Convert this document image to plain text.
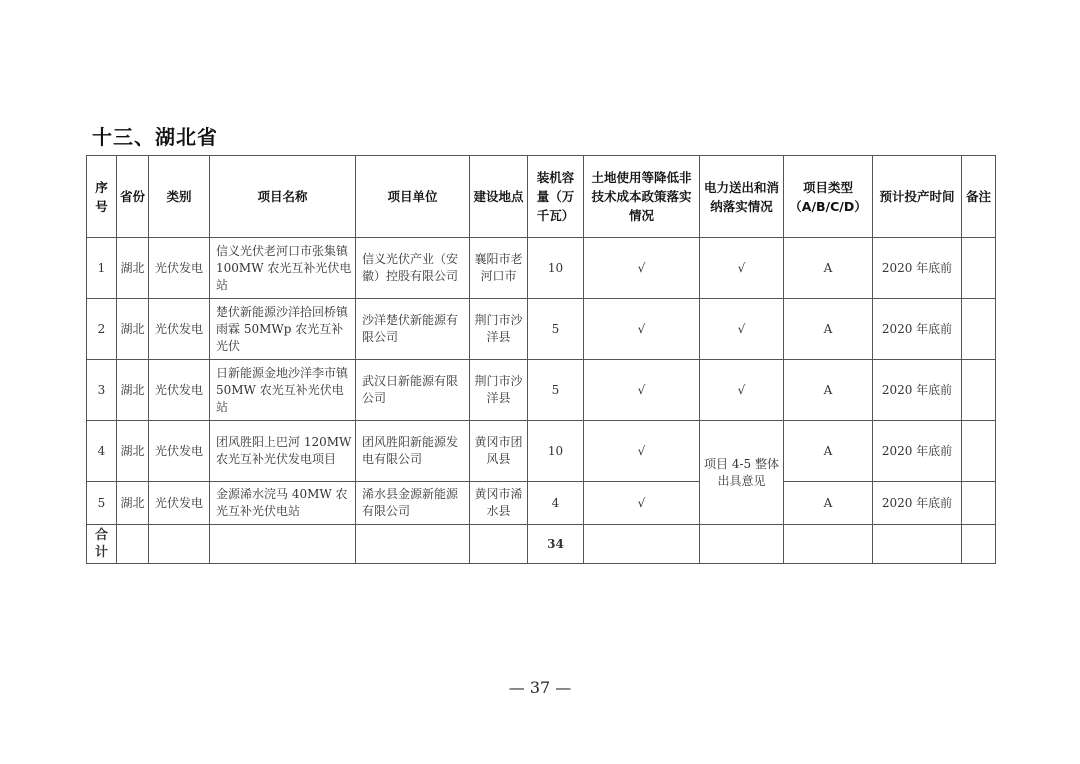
十三、湖北省
序号	省份	类别	项目名称	项目单位	建设地点	装机容量（万千瓦）	土地使用等降低非技术成本政策落实情况	电力送出和消纳落实情况	项目类型（A/B/C/D）	预计投产时间	备注
1	湖北	光伏发电	信义光伏老河口市张集镇 100MW 农光互补光伏电站	信义光伏产业（安徽）控股有限公司	襄阳市老河口市	10	√	√	A	2020 年底前	
2	湖北	光伏发电	楚伏新能源沙洋拾回桥镇雨霖 50MWp 农光互补光伏	沙洋楚伏新能源有限公司	荆门市沙洋县	5	√	√	A	2020 年底前	
3	湖北	光伏发电	日新能源金地沙洋李市镇 50MW 农光互补光伏电站	武汉日新能源有限公司	荆门市沙洋县	5	√	√	A	2020 年底前	
4	湖北	光伏发电	团风胜阳上巴河 120MW 农光互补光伏发电项目	团风胜阳新能源发电有限公司	黄冈市团风县	10	√	项目 4-5 整体出具意见	A	2020 年底前	
5	湖北	光伏发电	金源浠水浣马 40MW 农光互补光伏电站	浠水县金源新能源有限公司	黄冈市浠水县	4	√		A	2020 年底前	
合计						34					
— 37 —
